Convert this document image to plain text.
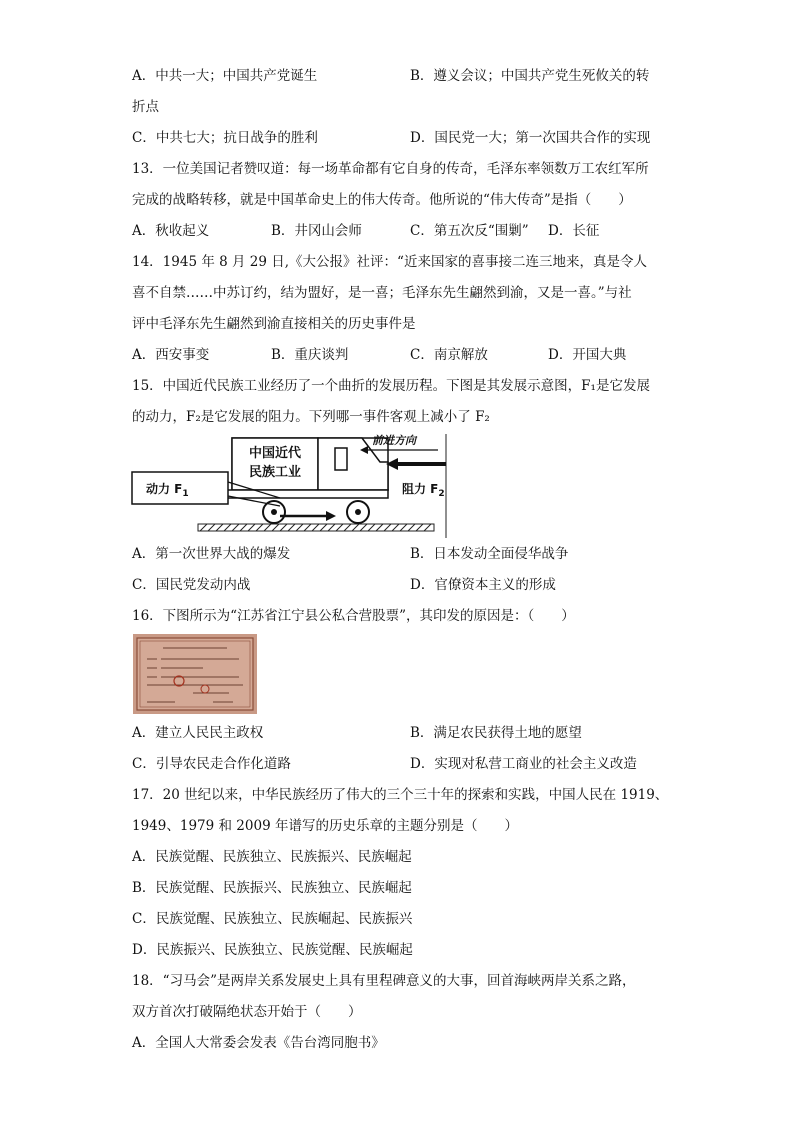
A．中共一大；中国共产党诞生	B．遵义会议；中国共产党生死攸关的转
折点
C．中共七大；抗日战争的胜利	D．国民党一大；第一次国共合作的实现
13．一位美国记者赞叹道：每一场革命都有它自身的传奇，毛泽东率领数万工农红军所
完成的战略转移，就是中国革命史上的伟大传奇。他所说的“伟大传奇”是指（　　）
A．秋收起义	B．井冈山会师	C．第五次反“围剿” D．长征
14．1945 年 8 月 29 日,《大公报》社评：“近来国家的喜事接二连三地来，真是令人
喜不自禁……中苏订约，结为盟好，是一喜；毛泽东先生翩然到渝，又是一喜。”与社
评中毛泽东先生翩然到渝直接相关的历史事件是
A．西安事变	B．重庆谈判	C．南京解放	D．开国大典
15．中国近代民族工业经历了一个曲折的发展历程。下图是其发展示意图，F₁是它发展
的动力，F₂是它发展的阻力。下列哪一事件客观上减小了 F₂
中国近代
民族工业
前进方向
动力 $F_1$	阻力 $F_2$
A．第一次世界大战的爆发	B．日本发动全面侵华战争
C．国民党发动内战	D．官僚资本主义的形成
16．下图所示为“江苏省江宁县公私合营股票”，其印发的原因是：（　　）
A．建立人民民主政权	B．满足农民获得土地的愿望
C．引导农民走合作化道路	D．实现对私营工商业的社会主义改造
17．20 世纪以来，中华民族经历了伟大的三个三十年的探索和实践，中国人民在 1919、
1949、1979 和 2009 年谱写的历史乐章的主题分别是（　　）
A．民族觉醒、民族独立、民族振兴、民族崛起
B．民族觉醒、民族振兴、民族独立、民族崛起
C．民族觉醒、民族独立、民族崛起、民族振兴
D．民族振兴、民族独立、民族觉醒、民族崛起
18．“习马会”是两岸关系发展史上具有里程碑意义的大事，回首海峡两岸关系之路，
双方首次打破隔绝状态开始于（　　）
A．全国人大常委会发表《告台湾同胞书》
